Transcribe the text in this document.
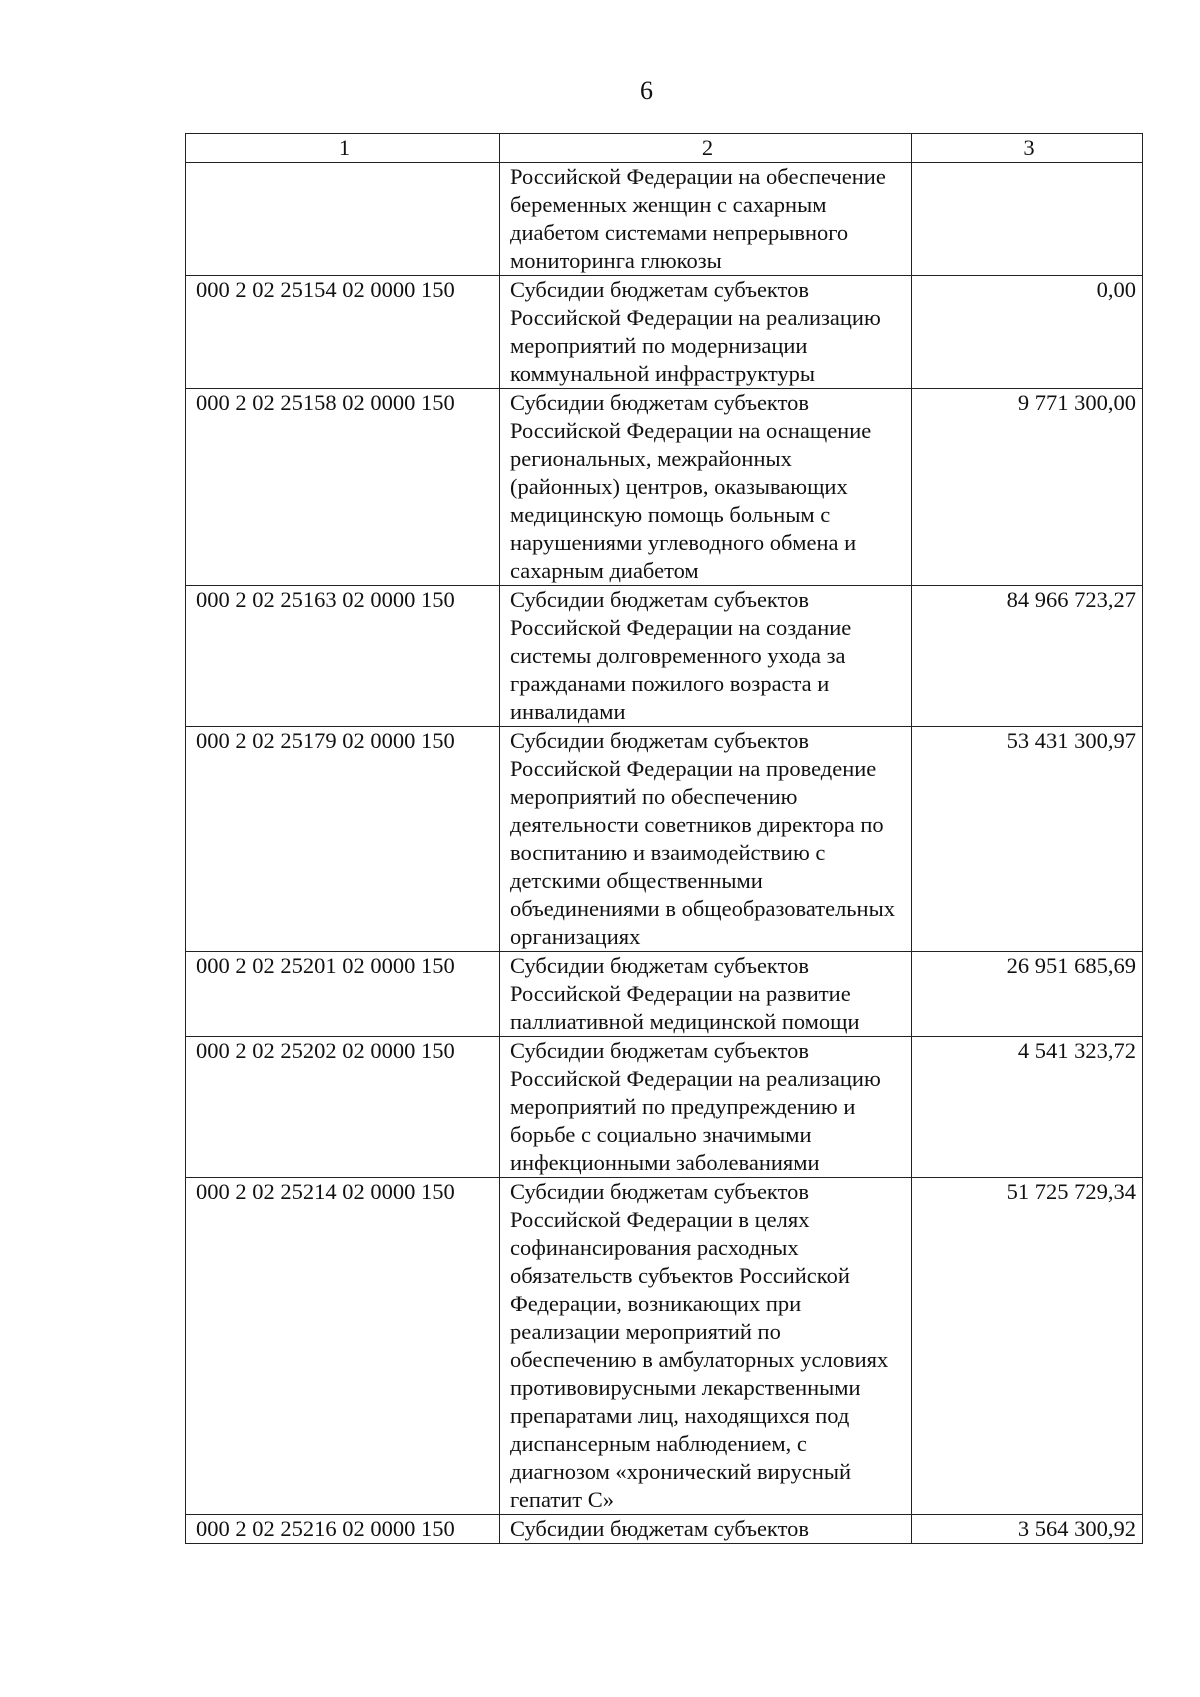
6
1	2	3
	Российской Федерации на обеспечение беременных женщин с сахарным диабетом системами непрерывного мониторинга глюкозы	
000 2 02 25154 02 0000 150	Субсидии бюджетам субъектов Российской Федерации на реализацию мероприятий по модернизации коммунальной инфраструктуры	0,00
000 2 02 25158 02 0000 150	Субсидии бюджетам субъектов Российской Федерации на оснащение региональных, межрайонных (районных) центров, оказывающих медицинскую помощь больным с нарушениями углеводного обмена и сахарным диабетом	9 771 300,00
000 2 02 25163 02 0000 150	Субсидии бюджетам субъектов Российской Федерации на создание системы долговременного ухода за гражданами пожилого возраста и инвалидами	84 966 723,27
000 2 02 25179 02 0000 150	Субсидии бюджетам субъектов Российской Федерации на проведение мероприятий по обеспечению деятельности советников директора по воспитанию и взаимодействию с детскими общественными объединениями в общеобразовательных организациях	53 431 300,97
000 2 02 25201 02 0000 150	Субсидии бюджетам субъектов Российской Федерации на развитие паллиативной медицинской помощи	26 951 685,69
000 2 02 25202 02 0000 150	Субсидии бюджетам субъектов Российской Федерации на реализацию мероприятий по предупреждению и борьбе с социально значимыми инфекционными заболеваниями	4 541 323,72
000 2 02 25214 02 0000 150	Субсидии бюджетам субъектов Российской Федерации в целях софинансирования расходных обязательств субъектов Российской Федерации, возникающих при реализации мероприятий по обеспечению в амбулаторных условиях противовирусными лекарственными препаратами лиц, находящихся под диспансерным наблюдением, с диагнозом «хронический вирусный гепатит С»	51 725 729,34
000 2 02 25216 02 0000 150	Субсидии бюджетам субъектов	3 564 300,92
